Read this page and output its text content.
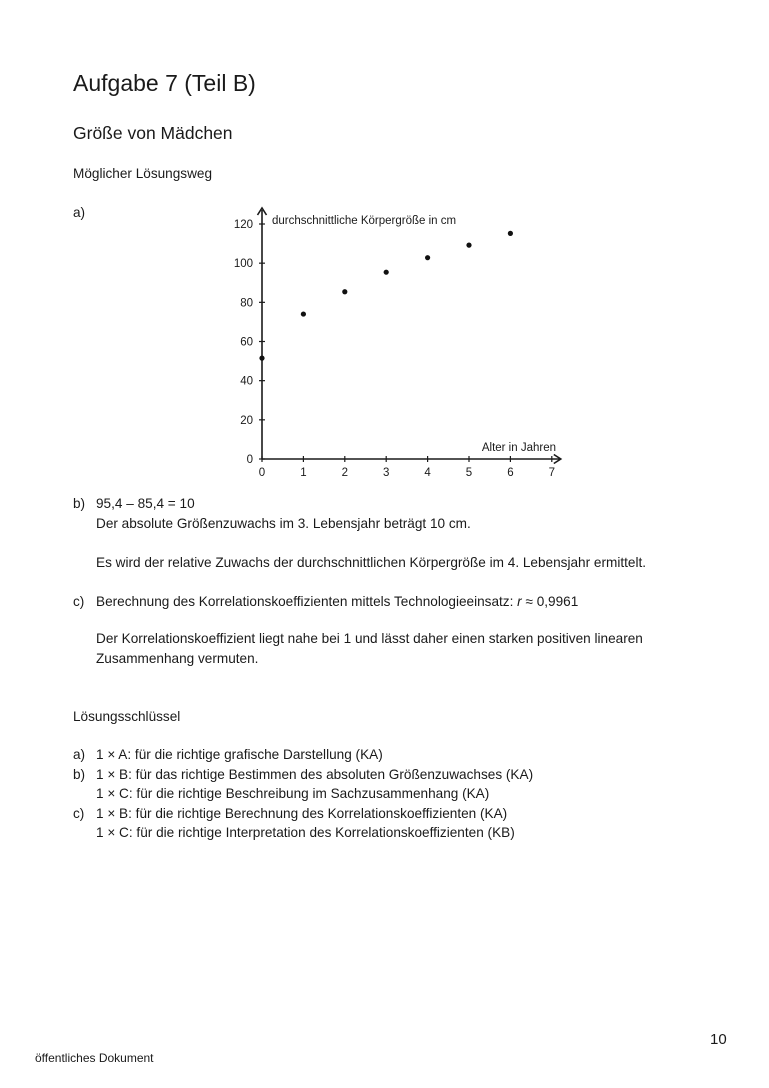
Aufgabe 7 (Teil B)
Größe von Mädchen
Möglicher Lösungsweg
a)
0	1	2	3	4	5	6	7
0
20
40
60
80
100
120 durchschnittliche Körpergröße in cm
Alter in Jahren
b) 95,4 – 85,4 = 10
Der absolute Größenzuwachs im 3. Lebensjahr beträgt 10 cm.
Es wird der relative Zuwachs der durchschnittlichen Körpergröße im 4. Lebensjahr ermittelt.
c) Berechnung des Korrelationskoeffizienten mittels Technologieeinsatz: r ≈ 0,9961
Der Korrelationskoeffizient liegt nahe bei 1 und lässt daher einen starken positiven linearen
Zusammenhang vermuten.
Lösungsschlüssel
a) 1 × A: für die richtige grafische Darstellung (KA)
b) 1 × B: für das richtige Bestimmen des absoluten Größenzuwachses (KA)
1 × C: für die richtige Beschreibung im Sachzusammenhang (KA)
c) 1 × B: für die richtige Berechnung des Korrelationskoeffizienten (KA)
1 × C: für die richtige Interpretation des Korrelationskoeffizienten (KB)
10
öffentliches Dokument
